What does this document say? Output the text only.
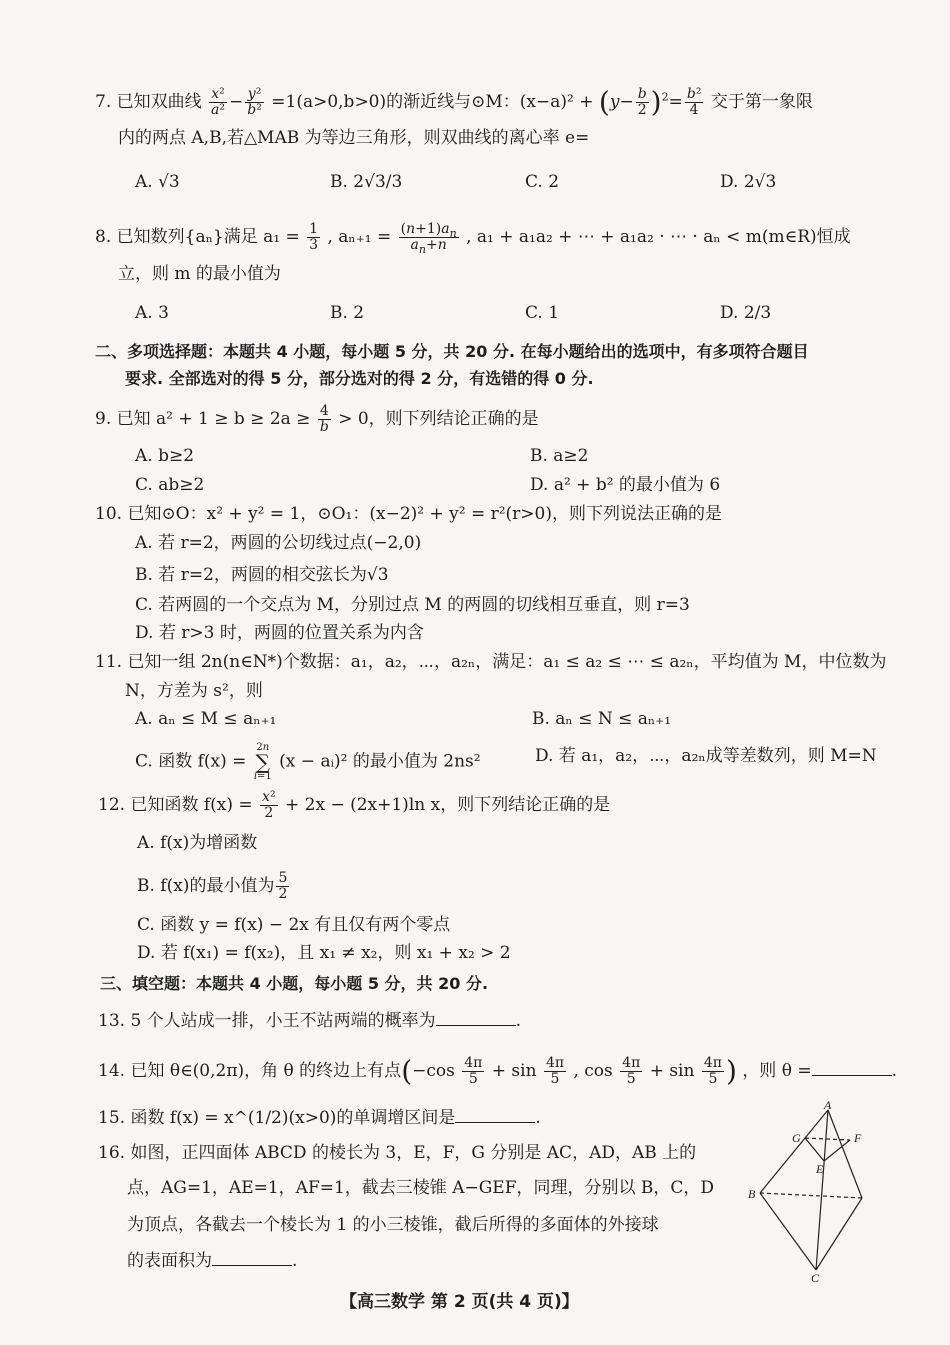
7. 已知双曲线 $\frac{\text{x²}}{\text{a²}} - \frac{\text{y²}}{\text{b²}} =1(a>0,b>0)$的渐近线与⊙M：$(x-a)^2 + (y- \frac{b}{2} )^2= \frac{\text{b²}}{4}$ 交于第一象限
内的两点 A,B,若△MAB 为等边三角形，则双曲线的离心率 e=
A. √3	B. 2√3/3	C. 2	D. 2√3
8. 已知数列{aₙ}满足 $a_1 = \frac{1}{3}$ , $a_{n+1} = \frac{(n+1)a_n}{a_n+n}$ , a₁ + a₁a₂ + ⋯ + a₁a₂ · ⋯ · aₙ < m(m∈R)恒成
立，则 m 的最小值为
A. 3	B. 2	C. 1	D. 2/3
二、多项选择题：本题共 4 小题，每小题 5 分，共 20 分. 在每小题给出的选项中，有多项符合题目
要求. 全部选对的得 5 分，部分选对的得 2 分，有选错的得 0 分.
9. 已知 $a^2 + 1 \ge b \ge 2a \ge \frac{4}{b} > 0$，则下列结论正确的是
A. b≥2	B. a≥2
C. ab≥2	D. a² + b² 的最小值为 6
10. 已知⊙O：x² + y² = 1，⊙O₁：(x−2)² + y² = r²(r>0)，则下列说法正确的是
A. 若 r=2，两圆的公切线过点(−2,0)
B. 若 r=2，两圆的相交弦长为√3
C. 若两圆的一个交点为 M，分别过点 M 的两圆的切线相互垂直，则 r=3
D. 若 r>3 时，两圆的位置关系为内含
11. 已知一组 2n(n∈N*)个数据：a₁，a₂，⋯，a₂ₙ，满足：a₁ ≤ a₂ ≤ ⋯ ≤ a₂ₙ，平均值为 M，中位数为
N，方差为 s²，则
A. aₙ ≤ M ≤ aₙ₊₁	B. aₙ ≤ N ≤ aₙ₊₁
C. 函数 f(x) = 2n
∑
i=1 (x − aᵢ)² 的最小值为 2ns²	D. 若 a₁，a₂，⋯，a₂ₙ成等差数列，则 M=N
12. 已知函数 $f(x) = \frac{\text{x²}}{2} + 2x - (2x+1)\ln$ x，则下列结论正确的是
A. f(x)为增函数
B. f(x)的最小值为 $\frac{5}{2}$
C. 函数 y = f(x) − 2x 有且仅有两个零点
D. 若 f(x₁) = f(x₂)，且 x₁ ≠ x₂，则 x₁ + x₂ > 2
三、填空题：本题共 4 小题，每小题 5 分，共 20 分.
13. 5 个人站成一排，小王不站两端的概率为	.
14. 已知 θ∈(0,2π)，角 θ 的终边上有点($-\cos \frac{4\pi}{5} + \sin \frac{4\pi}{5}$ , $\cos \frac{4\pi}{5} + \sin \frac{4\pi}{5}$ ) ，则 θ =	.
15. 函数 f(x) = x^(1/2)(x>0)的单调增区间是	.
16. 如图，正四面体 ABCD 的棱长为 3，E，F，G 分别是 AC，AD，AB 上的
点，AG=1，AE=1，AF=1，截去三棱锥 A−GEF，同理，分别以 B，C，D
为顶点，各截去一个棱长为 1 的小三棱锥，截后所得的多面体的外接球
的表面积为	.
A
G	F
E
B
C
【高三数学 第 2 页(共 4 页)】
